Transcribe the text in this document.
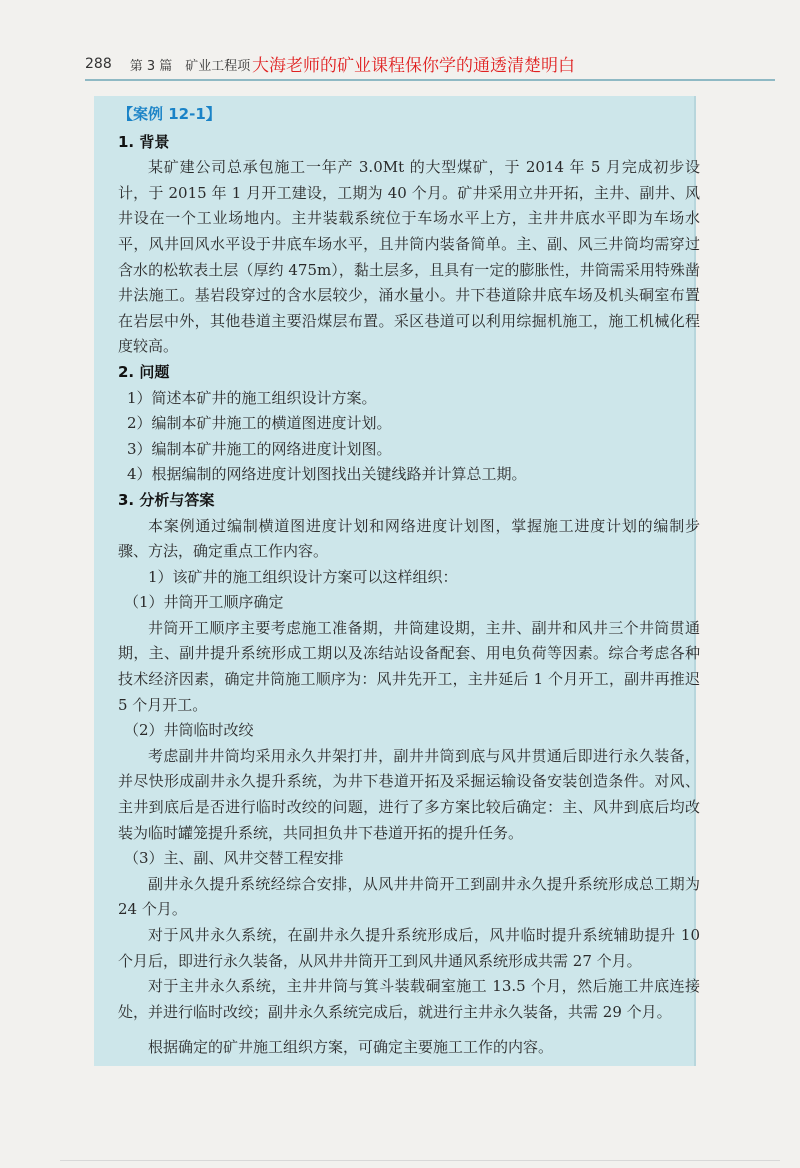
288 第 3 篇　矿业工程项 大海老师的矿业课程保你学的通透清楚明白
【案例 12-1】
1. 背景

某矿建公司总承包施工一年产 3.0Mt 的大型煤矿，于 2014 年 5 月完成初步设计，于 2015 年 1 月开工建设，工期为 40 个月。矿井采用立井开拓，主井、副井、风井设在一个工业场地内。主井装载系统位于车场水平上方，主井井底水平即为车场水平，风井回风水平设于井底车场水平，且井筒内装备简单。主、副、风三井筒均需穿过含水的松软表土层（厚约 475m），黏土层多，且具有一定的膨胀性，井筒需采用特殊凿井法施工。基岩段穿过的含水层较少，涌水量小。井下巷道除井底车场及机头硐室布置在岩层中外，其他巷道主要沿煤层布置。采区巷道可以利用综掘机施工，施工机械化程度较高。

2. 问题

1）简述本矿井的施工组织设计方案。

2）编制本矿井施工的横道图进度计划。

3）编制本矿井施工的网络进度计划图。

4）根据编制的网络进度计划图找出关键线路并计算总工期。

3. 分析与答案

本案例通过编制横道图进度计划和网络进度计划图，掌握施工进度计划的编制步骤、方法，确定重点工作内容。

1）该矿井的施工组织设计方案可以这样组织：

（1）井筒开工顺序确定

井筒开工顺序主要考虑施工准备期，井筒建设期，主井、副井和风井三个井筒贯通期，主、副井提升系统形成工期以及冻结站设备配套、用电负荷等因素。综合考虑各种技术经济因素，确定井筒施工顺序为：风井先开工，主井延后 1 个月开工，副井再推迟 5 个月开工。

（2）井筒临时改绞

考虑副井井筒均采用永久井架打井，副井井筒到底与风井贯通后即进行永久装备，并尽快形成副井永久提升系统，为井下巷道开拓及采掘运输设备安装创造条件。对风、主井到底后是否进行临时改绞的问题，进行了多方案比较后确定：主、风井到底后均改装为临时罐笼提升系统，共同担负井下巷道开拓的提升任务。

（3）主、副、风井交替工程安排

副井永久提升系统经综合安排，从风井井筒开工到副井永久提升系统形成总工期为 24 个月。

对于风井永久系统，在副井永久提升系统形成后，风井临时提升系统辅助提升 10 个月后，即进行永久装备，从风井井筒开工到风井通风系统形成共需 27 个月。

对于主井永久系统，主井井筒与箕斗装载硐室施工 13.5 个月，然后施工井底连接处，并进行临时改绞；副井永久系统完成后，就进行主井永久装备，共需 29 个月。

根据确定的矿井施工组织方案，可确定主要施工工作的内容。
